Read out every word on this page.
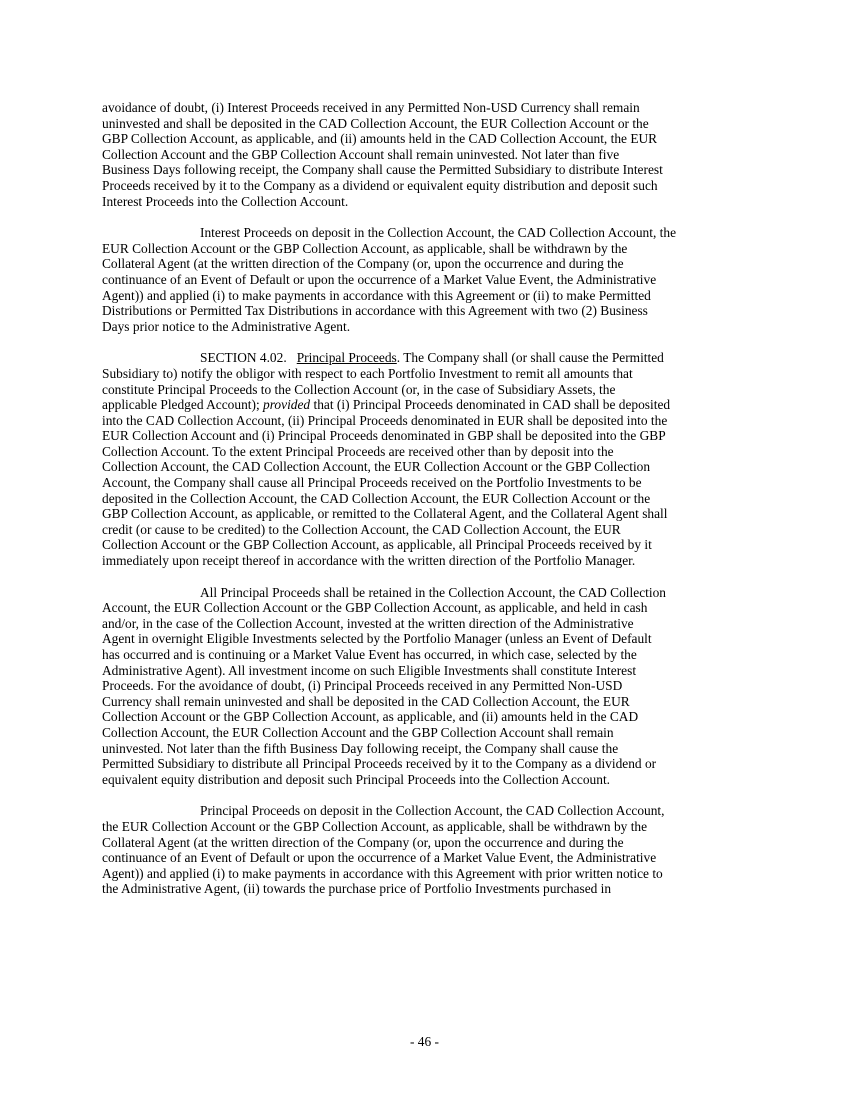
avoidance of doubt, (i) Interest Proceeds received in any Permitted Non-USD Currency shall remain
uninvested and shall be deposited in the CAD Collection Account, the EUR Collection Account or the
GBP Collection Account, as applicable, and (ii) amounts held in the CAD Collection Account, the EUR
Collection Account and the GBP Collection Account shall remain uninvested. Not later than five
Business Days following receipt, the Company shall cause the Permitted Subsidiary to distribute Interest
Proceeds received by it to the Company as a dividend or equivalent equity distribution and deposit such
Interest Proceeds into the Collection Account.

Interest Proceeds on deposit in the Collection Account, the CAD Collection Account, the
EUR Collection Account or the GBP Collection Account, as applicable, shall be withdrawn by the
Collateral Agent (at the written direction of the Company (or, upon the occurrence and during the
continuance of an Event of Default or upon the occurrence of a Market Value Event, the Administrative
Agent)) and applied (i) to make payments in accordance with this Agreement or (ii) to make Permitted
Distributions or Permitted Tax Distributions in accordance with this Agreement with two (2) Business
Days prior notice to the Administrative Agent.

SECTION 4.02. Principal Proceeds. The Company shall (or shall cause the Permitted
Subsidiary to) notify the obligor with respect to each Portfolio Investment to remit all amounts that
constitute Principal Proceeds to the Collection Account (or, in the case of Subsidiary Assets, the
applicable Pledged Account); provided that (i) Principal Proceeds denominated in CAD shall be deposited
into the CAD Collection Account, (ii) Principal Proceeds denominated in EUR shall be deposited into the
EUR Collection Account and (i) Principal Proceeds denominated in GBP shall be deposited into the GBP
Collection Account. To the extent Principal Proceeds are received other than by deposit into the
Collection Account, the CAD Collection Account, the EUR Collection Account or the GBP Collection
Account, the Company shall cause all Principal Proceeds received on the Portfolio Investments to be
deposited in the Collection Account, the CAD Collection Account, the EUR Collection Account or the
GBP Collection Account, as applicable, or remitted to the Collateral Agent, and the Collateral Agent shall
credit (or cause to be credited) to the Collection Account, the CAD Collection Account, the EUR
Collection Account or the GBP Collection Account, as applicable, all Principal Proceeds received by it
immediately upon receipt thereof in accordance with the written direction of the Portfolio Manager.

All Principal Proceeds shall be retained in the Collection Account, the CAD Collection
Account, the EUR Collection Account or the GBP Collection Account, as applicable, and held in cash
and/or, in the case of the Collection Account, invested at the written direction of the Administrative
Agent in overnight Eligible Investments selected by the Portfolio Manager (unless an Event of Default
has occurred and is continuing or a Market Value Event has occurred, in which case, selected by the
Administrative Agent). All investment income on such Eligible Investments shall constitute Interest
Proceeds. For the avoidance of doubt, (i) Principal Proceeds received in any Permitted Non-USD
Currency shall remain uninvested and shall be deposited in the CAD Collection Account, the EUR
Collection Account or the GBP Collection Account, as applicable, and (ii) amounts held in the CAD
Collection Account, the EUR Collection Account and the GBP Collection Account shall remain
uninvested. Not later than the fifth Business Day following receipt, the Company shall cause the
Permitted Subsidiary to distribute all Principal Proceeds received by it to the Company as a dividend or
equivalent equity distribution and deposit such Principal Proceeds into the Collection Account.

Principal Proceeds on deposit in the Collection Account, the CAD Collection Account,
the EUR Collection Account or the GBP Collection Account, as applicable, shall be withdrawn by the
Collateral Agent (at the written direction of the Company (or, upon the occurrence and during the
continuance of an Event of Default or upon the occurrence of a Market Value Event, the Administrative
Agent)) and applied (i) to make payments in accordance with this Agreement with prior written notice to
the Administrative Agent, (ii) towards the purchase price of Portfolio Investments purchased in

- 46 -
